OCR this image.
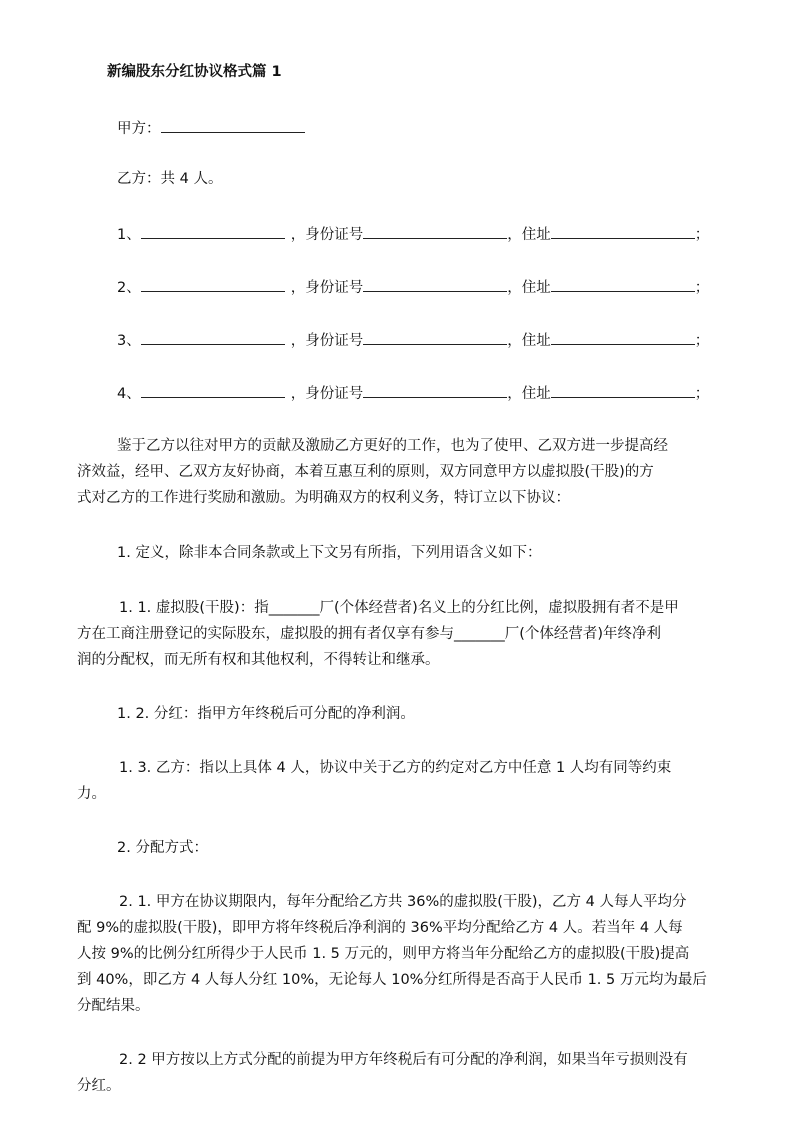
新编股东分红协议格式篇 1
甲方：
乙方：共 4 人。
1、	，身份证号	，住址	；
2、	，身份证号	，住址	；
3、	，身份证号	，住址	；
4、	，身份证号	，住址	；
鉴于乙方以往对甲方的贡献及激励乙方更好的工作，也为了使甲、乙双方进一步提高经
济效益，经甲、乙双方友好协商，本着互惠互利的原则，双方同意甲方以虚拟股(干股)的方
式对乙方的工作进行奖励和激励。为明确双方的权利义务，特订立以下协议：
1. 定义，除非本合同条款或上下文另有所指，下列用语含义如下：
1. 1. 虚拟股(干股)：指_______厂(个体经营者)名义上的分红比例，虚拟股拥有者不是甲
方在工商注册登记的实际股东，虚拟股的拥有者仅享有参与_______厂(个体经营者)年终净利
润的分配权，而无所有权和其他权利，不得转让和继承。
1. 2. 分红：指甲方年终税后可分配的净利润。
1. 3. 乙方：指以上具体 4 人，协议中关于乙方的约定对乙方中任意 1 人均有同等约束
力。
2. 分配方式：
2. 1. 甲方在协议期限内，每年分配给乙方共 36%的虚拟股(干股)，乙方 4 人每人平均分
配 9%的虚拟股(干股)，即甲方将年终税后净利润的 36%平均分配给乙方 4 人。若当年 4 人每
人按 9%的比例分红所得少于人民币 1. 5 万元的，则甲方将当年分配给乙方的虚拟股(干股)提高
到 40%，即乙方 4 人每人分红 10%，无论每人 10%分红所得是否高于人民币 1. 5 万元均为最后
分配结果。
2. 2 甲方按以上方式分配的前提为甲方年终税后有可分配的净利润，如果当年亏损则没有
分红。
